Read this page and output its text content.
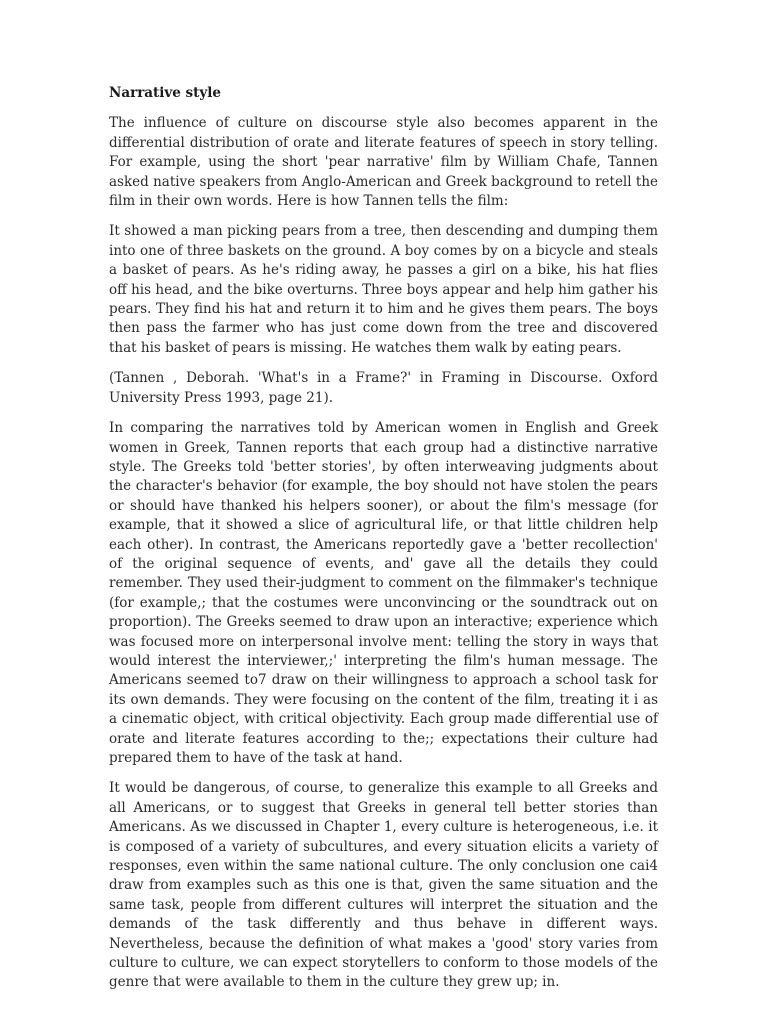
Narrative style

The influence of culture on discourse style also becomes apparent in the differential distribution of orate and literate features of speech in story telling. For example, using the short 'pear narrative' film by William Chafe, Tannen asked native speakers from Anglo-American and Greek background to retell the film in their own words. Here is how Tannen tells the film:

It showed a man picking pears from a tree, then descending and dumping them into one of three baskets on the ground. A boy comes by on a bicycle and steals a basket of pears. As he's riding away, he passes a girl on a bike, his hat flies off his head, and the bike overturns. Three boys appear and help him gather his pears. They find his hat and return it to him and he gives them pears. The boys then pass the farmer who has just come down from the tree and discovered that his basket of pears is missing. He watches them walk by eating pears.

(Tannen , Deborah. 'What's in a Frame?' in Framing in Discourse. Oxford University Press 1993, page 21).

In comparing the narratives told by American women in English and Greek women in Greek, Tannen reports that each group had a distinctive narrative style. The Greeks told 'better stories', by often interweaving judgments about the character's behavior (for example, the boy should not have stolen the pears or should have thanked his helpers sooner), or about the film's message (for example, that it showed a slice of agricultural life, or that little children help each other). In contrast, the Americans reportedly gave a 'better recollection' of the original sequence of events, and' gave all the details they could remember. They used their-judgment to comment on the filmmaker's technique (for example,; that the costumes were unconvincing or the soundtrack out on proportion). The Greeks seemed to draw upon an interactive; experience which was focused more on interpersonal involve ment: telling the story in ways that would interest the interviewer,;' interpreting the film's human message. The Americans seemed to7 draw on their willingness to approach a school task for its own demands. They were focusing on the content of the film, treating it i as a cinematic object, with critical objectivity. Each group made differential use of orate and literate features according to the;; expectations their culture had prepared them to have of the task at hand.

It would be dangerous, of course, to generalize this example to all Greeks and all Americans, or to suggest that Greeks in general tell better stories than Americans. As we discussed in Chapter 1, every culture is heterogeneous, i.e. it is composed of a variety of subcultures, and every situation elicits a variety of responses, even within the same national culture. The only conclusion one cai4 draw from examples such as this one is that, given the same situation and the same task, people from different cultures will interpret the situation and the demands of the task differently and thus behave in different ways. Nevertheless, because the definition of what makes a 'good' story varies from culture to culture, we can expect storytellers to conform to those models of the genre that were available to them in the culture they grew up; in.
